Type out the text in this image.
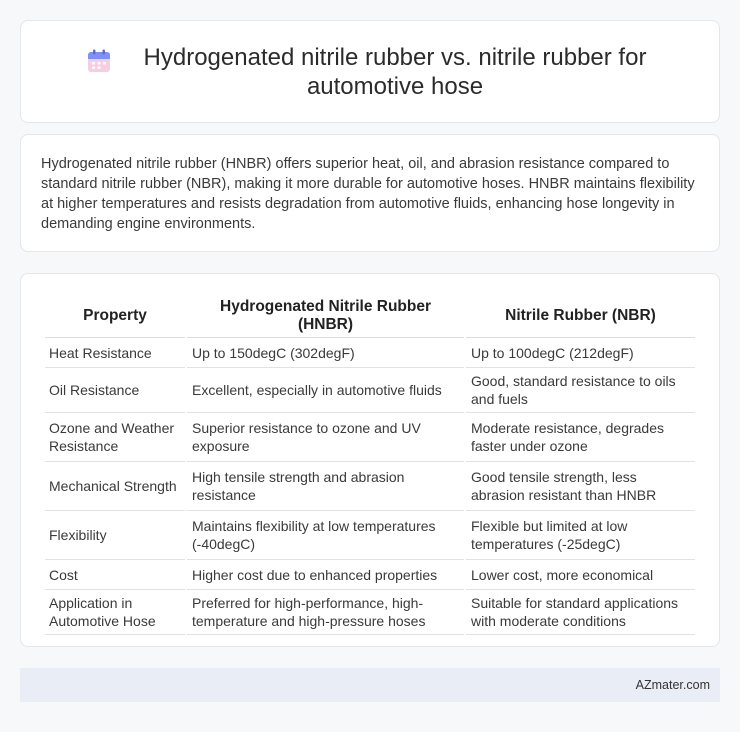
Hydrogenated nitrile rubber vs. nitrile rubber for automotive hose

Hydrogenated nitrile rubber (HNBR) offers superior heat, oil, and abrasion resistance compared to standard nitrile rubber (NBR), making it more durable for automotive hoses. HNBR maintains flexibility at higher temperatures and resists degradation from automotive fluids, enhancing hose longevity in demanding engine environments.

Property	Hydrogenated Nitrile Rubber (HNBR)	Nitrile Rubber (NBR)
Heat Resistance	Up to 150degC (302degF)	Up to 100degC (212degF)
Oil Resistance	Excellent, especially in automotive fluids	Good, standard resistance to oils and fuels
Ozone and Weather Resistance	Superior resistance to ozone and UV exposure	Moderate resistance, degrades faster under ozone
Mechanical Strength	High tensile strength and abrasion resistance	Good tensile strength, less abrasion resistant than HNBR
Flexibility	Maintains flexibility at low temperatures (-40degC)	Flexible but limited at low temperatures (-25degC)
Cost	Higher cost due to enhanced properties	Lower cost, more economical
Application in Automotive Hose	Preferred for high-performance, high-temperature and high-pressure hoses	Suitable for standard applications with moderate conditions
AZmater.com
